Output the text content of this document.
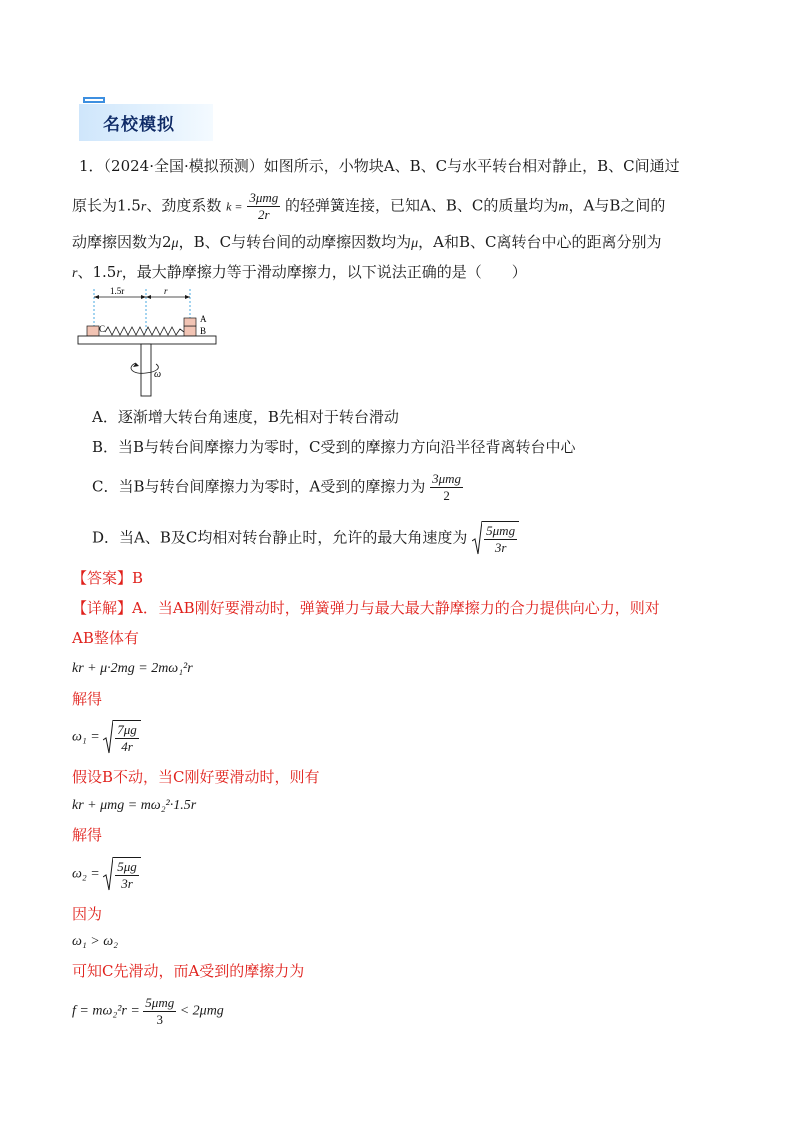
名校模拟
1．（2024·全国·模拟预测）如图所示，小物块A、B、C与水平转台相对静止，B、C间通过
原长为1.5r、劲度系数 $k = \frac{\text{3μmg}}{2r}$ 的轻弹簧连接，已知A、B、C的质量均为m，A与B之间的
动摩擦因数为2μ，B、C与转台间的动摩擦因数均为μ，A和B、C离转台中心的距离分别为
r、1.5r，最大静摩擦力等于滑动摩擦力，以下说法正确的是（　　）
1.5r	r
C
A
B
ω
A．逐渐增大转台角速度，B先相对于转台滑动
B．当B与转台间摩擦力为零时，C受到的摩擦力方向沿半径背离转台中心
C．当B与转台间摩擦力为零时，A受到的摩擦力为 $\frac{\text{3μmg}}{2}$
D．当A、B及C均相对转台静止时，允许的最大角速度为 $\frac{\text{5μmg}}{3r}$
【答案】B
【详解】A．当AB刚好要滑动时，弹簧弹力与最大最大静摩擦力的合力提供向心力，则对
AB整体有
kr + μ·2mg = 2mω₁²r
解得
$\omega_1 = \frac{7\mu g}{4r}$
假设B不动，当C刚好要滑动时，则有
kr + μmg = mω₂²·1.5r
解得
$\omega_2 = \frac{5\mu g}{3r}$
因为
ω₁ > ω₂
可知C先滑动，而A受到的摩擦力为
$f = m\omega_2^2r = \frac{\text{5μmg}}{3} < 2\mu mg$
